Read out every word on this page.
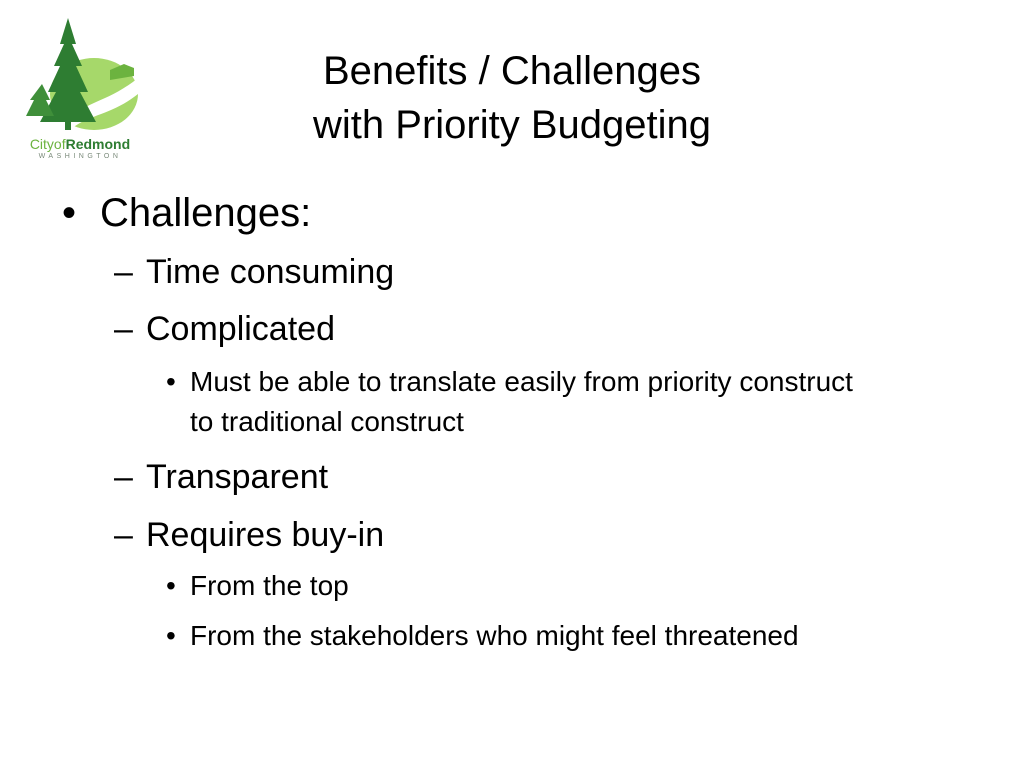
CityofRedmond
WASHINGTON
Benefits / Challenges
with Priority Budgeting
• Challenges:
– Time consuming
– Complicated
• Must be able to translate easily from priority construct to traditional construct
– Transparent
– Requires buy-in
• From the top
• From the stakeholders who might feel threatened
